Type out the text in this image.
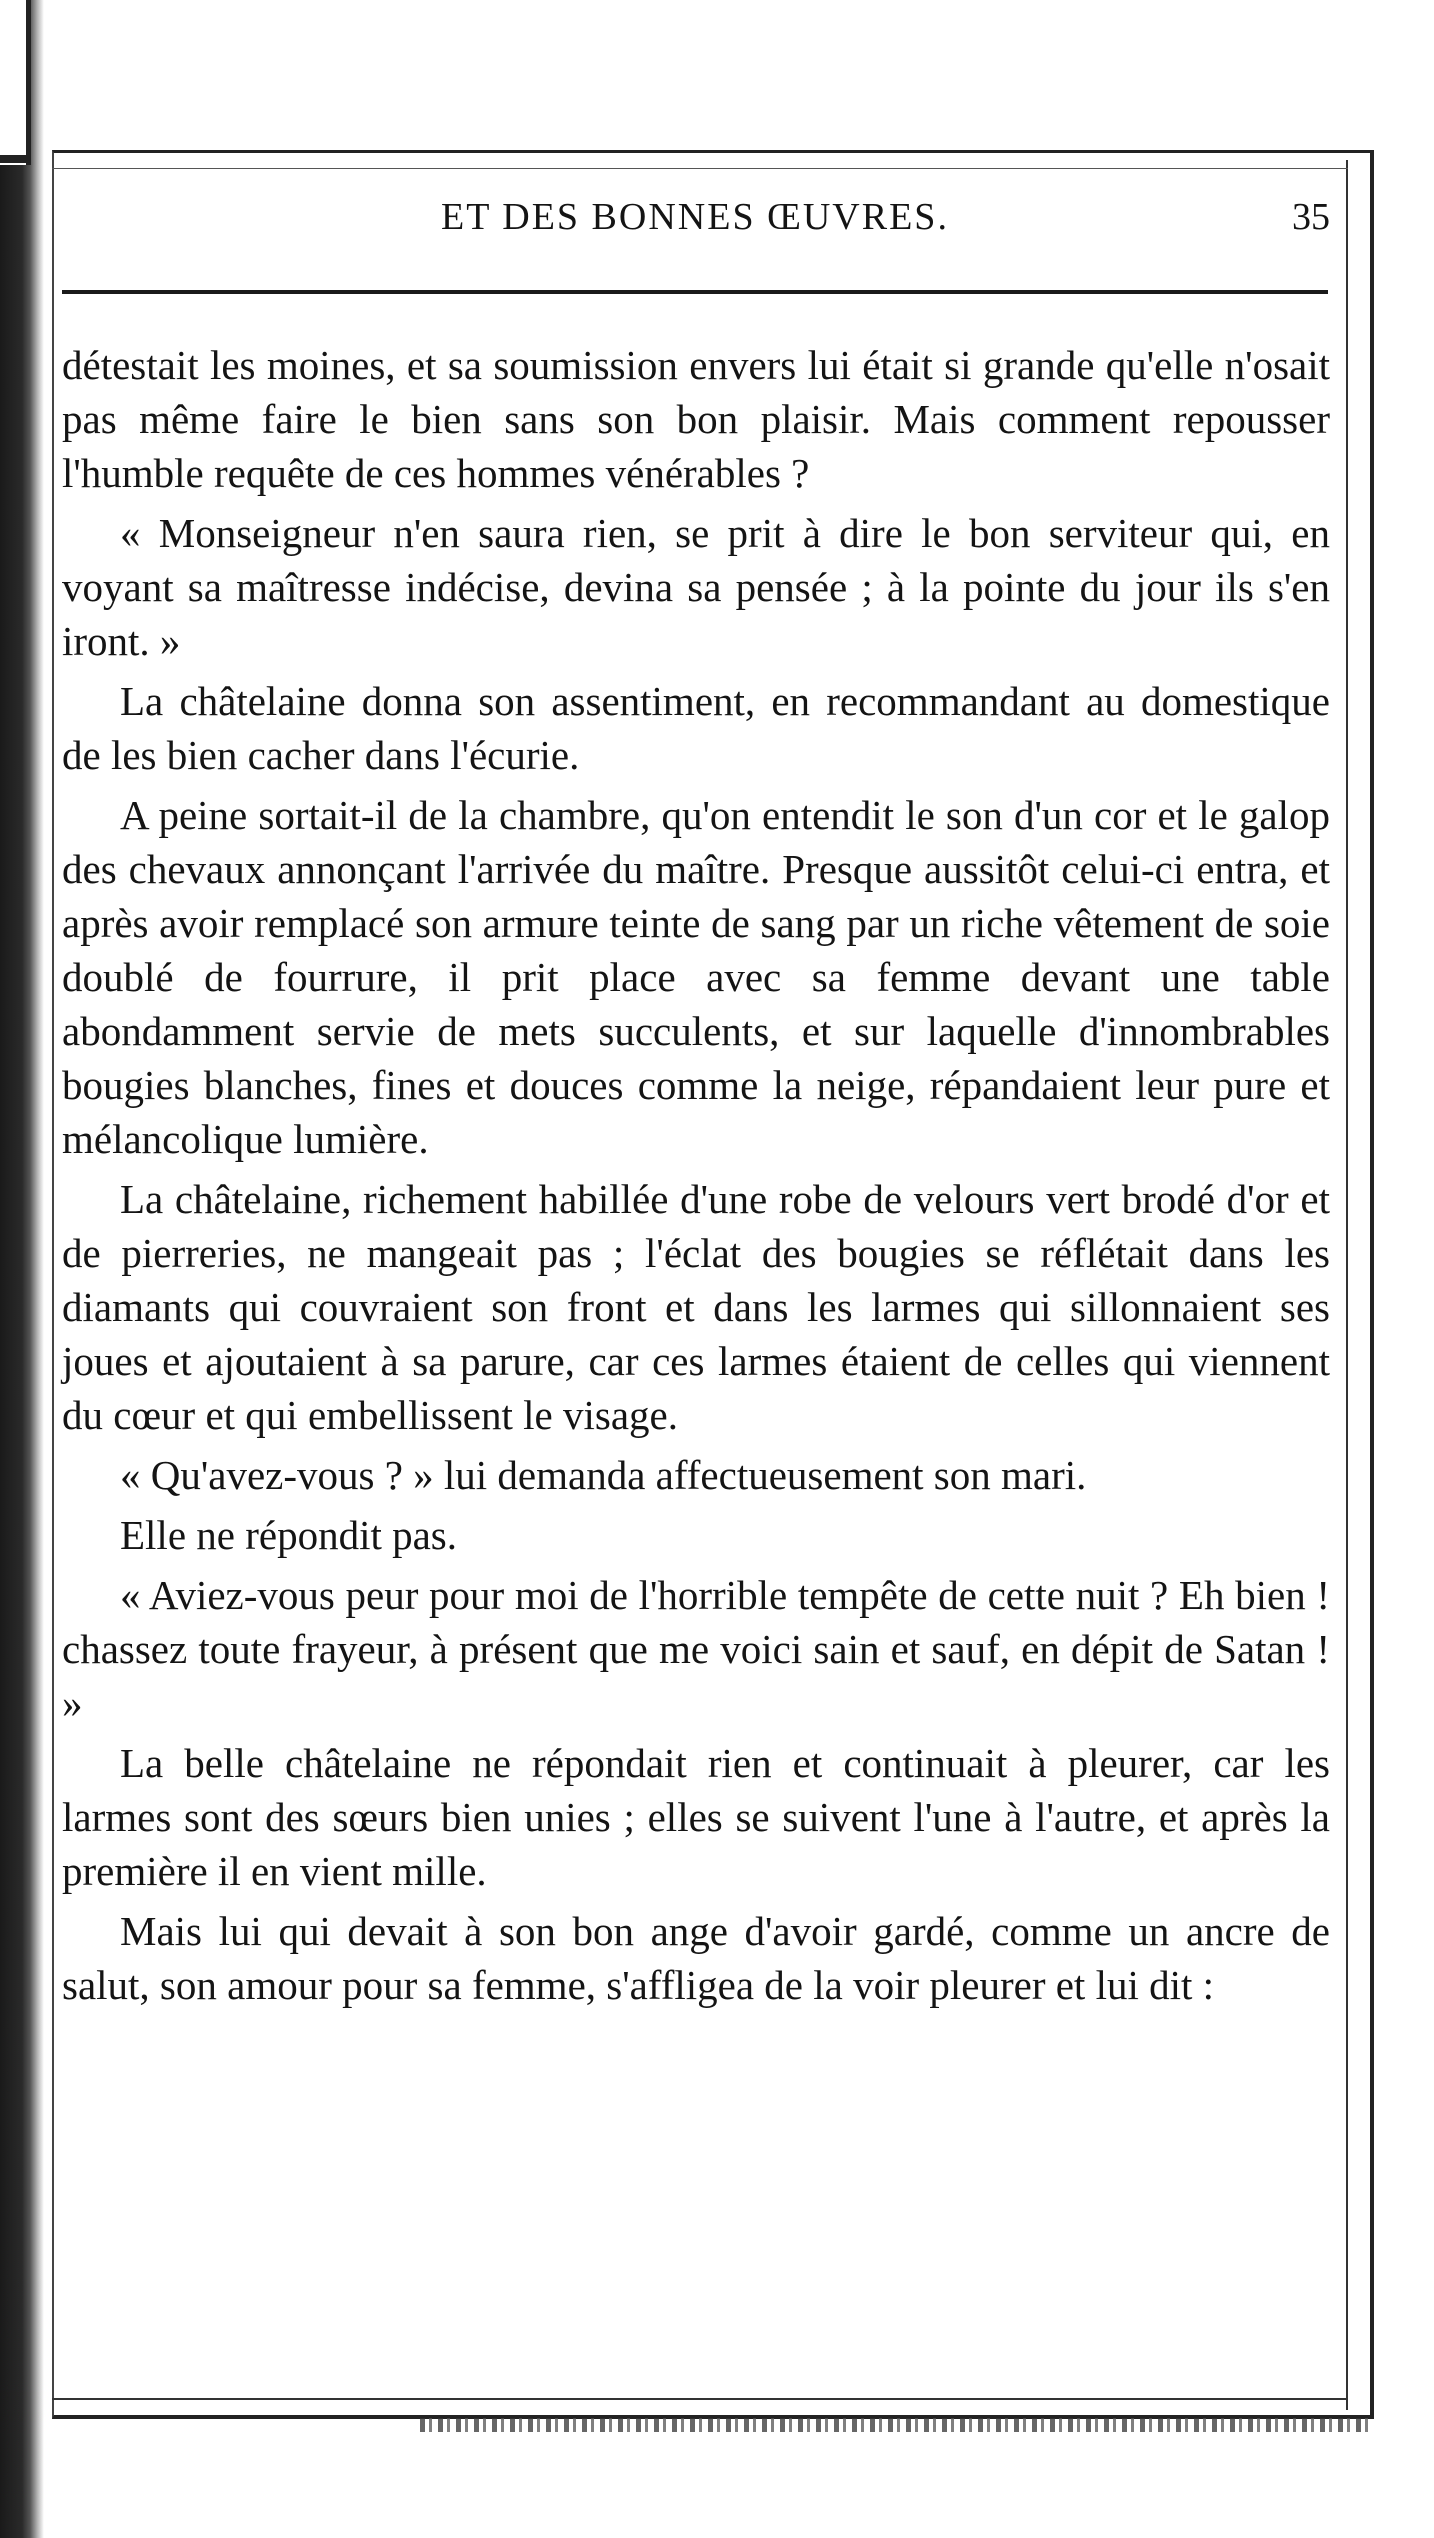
ET DES BONNES ŒUVRES.	35

détestait les moines, et sa soumission envers lui était si grande qu'elle n'osait pas même faire le bien sans son bon plaisir. Mais comment repousser l'humble requête de ces hommes vénérables ?

« Monseigneur n'en saura rien, se prit à dire le bon serviteur qui, en voyant sa maîtresse indécise, devina sa pensée ; à la pointe du jour ils s'en iront. »

La châtelaine donna son assentiment, en recommandant au domestique de les bien cacher dans l'écurie.

A peine sortait-il de la chambre, qu'on entendit le son d'un cor et le galop des chevaux annonçant l'arrivée du maître. Presque aussitôt celui-ci entra, et après avoir remplacé son armure teinte de sang par un riche vêtement de soie doublé de fourrure, il prit place avec sa femme devant une table abondamment servie de mets succulents, et sur laquelle d'innombrables bougies blanches, fines et douces comme la neige, répandaient leur pure et mélancolique lumière.

La châtelaine, richement habillée d'une robe de velours vert brodé d'or et de pierreries, ne mangeait pas ; l'éclat des bougies se réflétait dans les diamants qui couvraient son front et dans les larmes qui sillonnaient ses joues et ajoutaient à sa parure, car ces larmes étaient de celles qui viennent du cœur et qui embellissent le visage.

« Qu'avez-vous ? » lui demanda affectueusement son mari.

Elle ne répondit pas.

« Aviez-vous peur pour moi de l'horrible tempête de cette nuit ? Eh bien ! chassez toute frayeur, à présent que me voici sain et sauf, en dépit de Satan ! »

La belle châtelaine ne répondait rien et continuait à pleurer, car les larmes sont des sœurs bien unies ; elles se suivent l'une à l'autre, et après la première il en vient mille.

Mais lui qui devait à son bon ange d'avoir gardé, comme un ancre de salut, son amour pour sa femme, s'affligea de la voir pleurer et lui dit :
